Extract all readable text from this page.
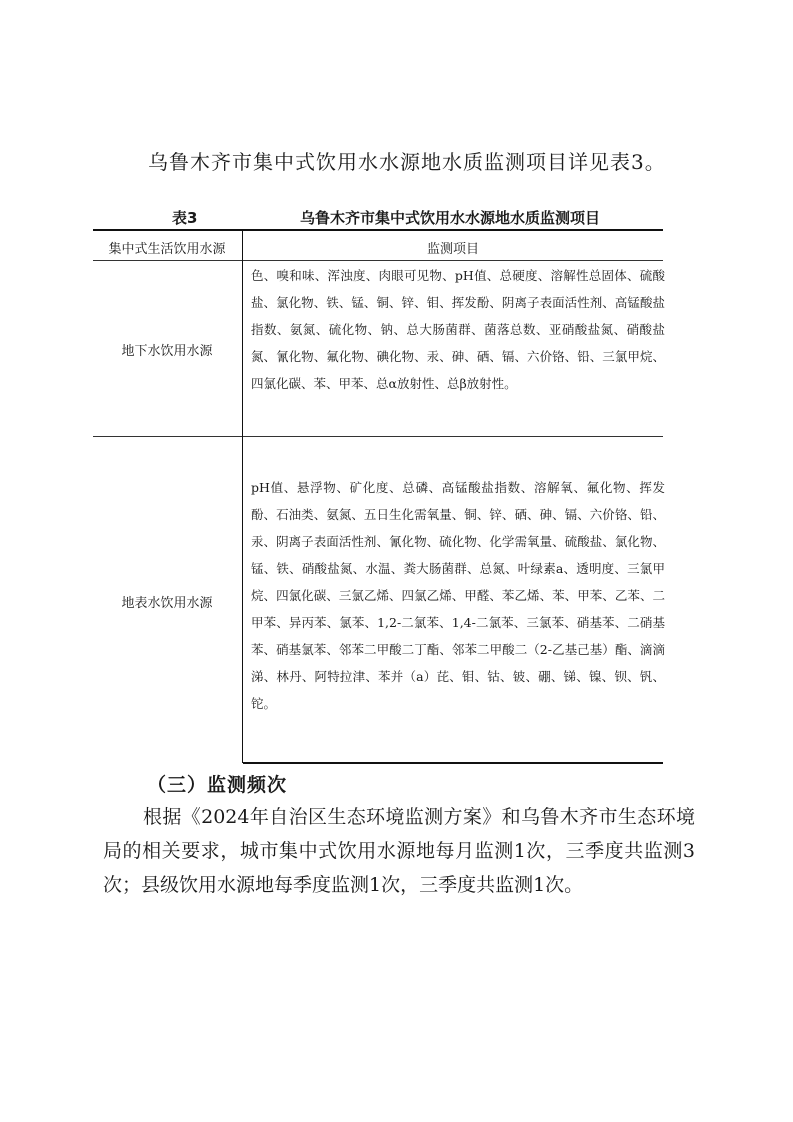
乌鲁木齐市集中式饮用水水源地水质监测项目详见表3。
表3	乌鲁木齐市集中式饮用水水源地水质监测项目
集中式生活饮用水源	监测项目
地下水饮用水源
色、嗅和味、浑浊度、肉眼可见物、pH值、总硬度、溶解性总固体、硫酸盐、氯化物、铁、锰、铜、锌、钼、挥发酚、阴离子表面活性剂、高锰酸盐指数、氨氮、硫化物、钠、总大肠菌群、菌落总数、亚硝酸盐氮、硝酸盐氮、氰化物、氟化物、碘化物、汞、砷、硒、镉、六价铬、铅、三氯甲烷、四氯化碳、苯、甲苯、总α放射性、总β放射性。
地表水饮用水源
pH值、悬浮物、矿化度、总磷、高锰酸盐指数、溶解氧、氟化物、挥发酚、石油类、氨氮、五日生化需氧量、铜、锌、硒、砷、镉、六价铬、铅、汞、阴离子表面活性剂、氰化物、硫化物、化学需氧量、硫酸盐、氯化物、锰、铁、硝酸盐氮、水温、粪大肠菌群、总氮、叶绿素a、透明度、三氯甲烷、四氯化碳、三氯乙烯、四氯乙烯、甲醛、苯乙烯、苯、甲苯、乙苯、二甲苯、异丙苯、氯苯、1,2-二氯苯、1,4-二氯苯、三氯苯、硝基苯、二硝基苯、硝基氯苯、邻苯二甲酸二丁酯、邻苯二甲酸二（2-乙基己基）酯、滴滴涕、林丹、阿特拉津、苯并（a）芘、钼、钴、铍、硼、锑、镍、钡、钒、铊。
（三）监测频次
根据《2024年自治区生态环境监测方案》和乌鲁木齐市生态环境局的相关要求，城市集中式饮用水源地每月监测1次，三季度共监测3次；县级饮用水源地每季度监测1次，三季度共监测1次。
